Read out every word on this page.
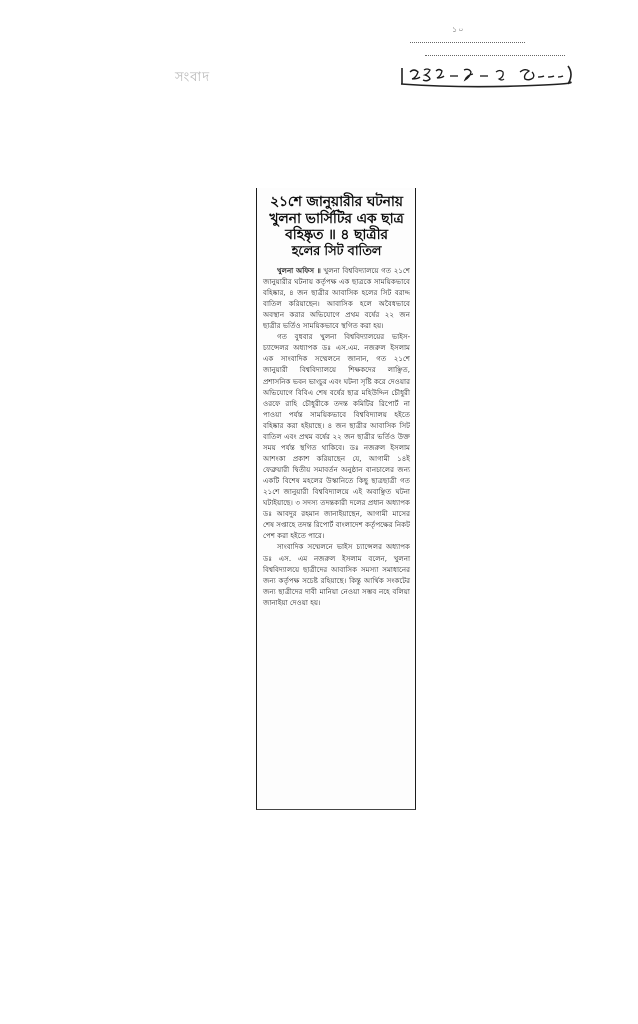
১০
সংবাদ
২১শে জানুয়ারীর ঘটনায়
খুলনা ভার্সিটির এক ছাত্র
বহিষ্কৃত ॥ ৪ ছাত্রীর
হলের সিট বাতিল

খুলনা অফিস ॥ খুলনা বিশ্ববিদ্যালয়ে গত ২১শে জানুয়ারীর ঘটনায় কর্তৃপক্ষ এক ছাত্রকে সাময়িকভাবে বহিষ্কার, ৪ জন ছাত্রীর আবাসিক হলের সিট বরাদ্দ বাতিল করিয়াছেন। আবাসিক হলে অবৈধভাবে অবস্থান করার অভিযোগে প্রথম বর্ষের ২২ জন ছাত্রীর ভর্তিও সাময়িকভাবে স্থগিত করা হয়।

গত বুধবার খুলনা বিশ্ববিদ্যালয়ের ভাইস-চ্যান্সেলর অধ্যাপক ডঃ এস.এম. নজরুল ইসলাম এক সাংবাদিক সম্মেলনে জানান, গত ২১শে জানুয়ারী বিশ্ববিদ্যালয়ে শিক্ষকদের লাঞ্ছিত, প্রশাসনিক ভবন ভাংচুর এবং ঘটনা সৃষ্টি করে দেওয়ার অভিযোগে বিবিএ শেষ বর্ষের ছাত্র মহিউদ্দিন চৌধুরী ওরফে রাহি চৌধুরীকে তদন্ত কমিটির রিপোর্ট না পাওয়া পর্যন্ত সাময়িকভাবে বিশ্ববিদ্যালয় হইতে বহিষ্কার করা হইয়াছে। ৪ জন ছাত্রীর আবাসিক সিট বাতিল এবং প্রথম বর্ষের ২২ জন ছাত্রীর ভর্তিও উক্ত সময় পর্যন্ত স্থগিত থাকিবে। ডঃ নজরুল ইসলাম আশংকা প্রকাশ করিয়াছেন যে, আগামী ১৪ই ফেব্রুয়ারী দ্বিতীয় সমাবর্তন অনুষ্ঠান বানচালের জন্য একটি বিশেষ মহলের উস্কানিতে কিছু ছাত্রছাত্রী গত ২১শে জানুয়ারী বিশ্ববিদ্যালয়ে এই অবাঞ্ছিত ঘটনা ঘটাইয়াছে। ৩ সদস্য তদন্তকারী দলের প্রধান অধ্যাপক ডঃ আবদুর রহমান জানাইয়াছেন, আগামী মাসের শেষ সপ্তাহে তদন্ত রিপোর্ট বাংলাদেশ কর্তৃপক্ষের নিকট পেশ করা হইতে পারে।

সাংবাদিক সম্মেলনে ভাইস চ্যান্সেলর অধ্যাপক ডঃ এস. এম নজরুল ইসলাম বলেন, খুলনা বিশ্ববিদ্যালয়ে ছাত্রীদের আবাসিক সমস্যা সমাধানের জন্য কর্তৃপক্ষ সচেষ্ট রহিয়াছে। কিন্তু আর্থিক সংকটের জন্য ছাত্রীদের দাবী মানিয়া নেওয়া সম্ভব নহে বলিয়া জানাইয়া দেওয়া হয়।
